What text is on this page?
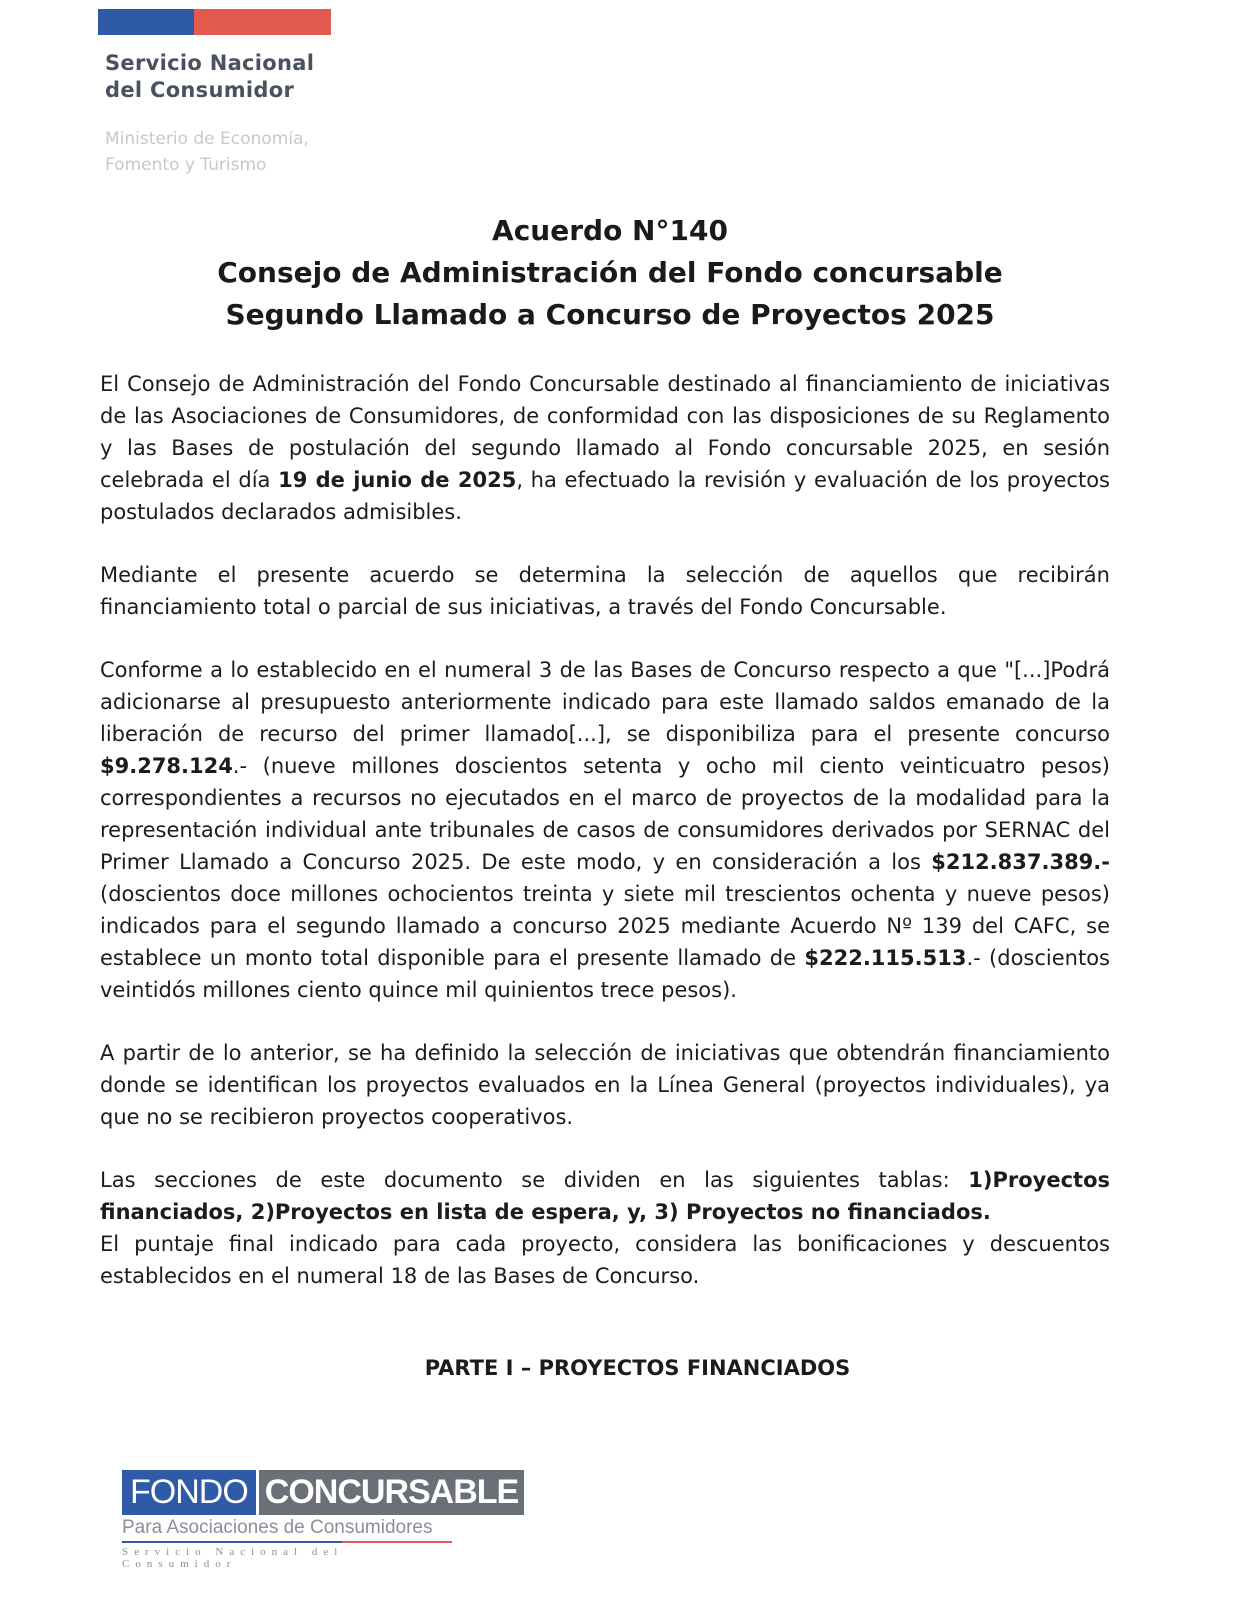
Servicio Nacional
del Consumidor
Ministerio de Economía,
Fomento y Turismo
Acuerdo N°140
Consejo de Administración del Fondo concursable
Segundo Llamado a Concurso de Proyectos 2025

El Consejo de Administración del Fondo Concursable destinado al financiamiento de iniciativas de las Asociaciones de Consumidores, de conformidad con las disposiciones de su Reglamento y las Bases de postulación del segundo llamado al Fondo concursable 2025, en sesión celebrada el día 19 de junio de 2025, ha efectuado la revisión y evaluación de los proyectos postulados declarados admisibles.

Mediante el presente acuerdo se determina la selección de aquellos que recibirán financiamiento total o parcial de sus iniciativas, a través del Fondo Concursable.

Conforme a lo establecido en el numeral 3 de las Bases de Concurso respecto a que "[...]Podrá adicionarse al presupuesto anteriormente indicado para este llamado saldos emanado de la liberación de recurso del primer llamado[...], se disponibiliza para el presente concurso $9.278.124.- (nueve millones doscientos setenta y ocho mil ciento veinticuatro pesos) correspondientes a recursos no ejecutados en el marco de proyectos de la modalidad para la representación individual ante tribunales de casos de consumidores derivados por SERNAC del Primer Llamado a Concurso 2025. De este modo, y en consideración a los $212.837.389.- (doscientos doce millones ochocientos treinta y siete mil trescientos ochenta y nueve pesos) indicados para el segundo llamado a concurso 2025 mediante Acuerdo Nº 139 del CAFC, se establece un monto total disponible para el presente llamado de $222.115.513.- (doscientos veintidós millones ciento quince mil quinientos trece pesos).

A partir de lo anterior, se ha definido la selección de iniciativas que obtendrán financiamiento donde se identifican los proyectos evaluados en la Línea General (proyectos individuales), ya que no se recibieron proyectos cooperativos.

Las secciones de este documento se dividen en las siguientes tablas: 1)Proyectos financiados, 2)Proyectos en lista de espera, y, 3) Proyectos no financiados.

El puntaje final indicado para cada proyecto, considera las bonificaciones y descuentos establecidos en el numeral 18 de las Bases de Concurso.

PARTE I – PROYECTOS FINANCIADOS
FONDO CONCURSABLE
Para Asociaciones de Consumidores
Servicio Nacional del Consumidor
